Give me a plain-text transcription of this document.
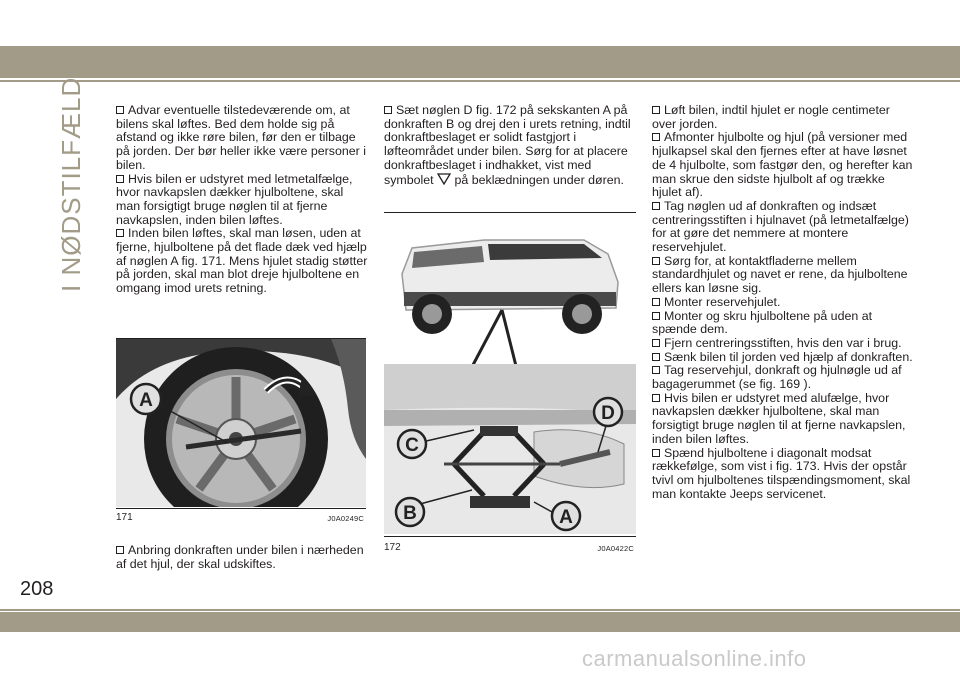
I NØDSTILFÆLDE
208

Advar eventuelle tilstedeværende om, at bilens skal løftes. Bed dem holde sig på afstand og ikke røre bilen, før den er tilbage på jorden. Der bør heller ikke være personer i bilen.

Hvis bilen er udstyret med letmetalfælge, hvor navkapslen dækker hjulboltene, skal man forsigtigt bruge nøglen til at fjerne navkapslen, inden bilen løftes.

Inden bilen løftes, skal man løsen, uden at fjerne, hjulboltene på det flade dæk ved hjælp af nøglen A fig. 171. Mens hjulet stadig støtter på jorden, skal man blot dreje hjulboltene en omgang imod urets retning.

A
171	J0A0249C

Anbring donkraften under bilen i nærheden af det hjul, der skal udskiftes.

Sæt nøglen D fig. 172 på sekskanten A på donkraften B og drej den i urets retning, indtil donkraftbeslaget er solidt fastgjort i løfteområdet under bilen. Sørg for at placere donkraftbeslaget i indhakket, vist med symbolet på beklædningen under døren.

C
D
B	A
172	J0A0422C

Løft bilen, indtil hjulet er nogle centimeter over jorden.

Afmonter hjulbolte og hjul (på versioner med hjulkapsel skal den fjernes efter at have løsnet de 4 hjulbolte, som fastgør den, og herefter kan man skrue den sidste hjulbolt af og trække hjulet af).

Tag nøglen ud af donkraften og indsæt centreringsstiften i hjulnavet (på letmetalfælge) for at gøre det nemmere at montere reservehjulet.

Sørg for, at kontaktfladerne mellem standardhjulet og navet er rene, da hjulboltene ellers kan løsne sig.

Monter reservehjulet.

Monter og skru hjulboltene på uden at spænde dem.

Fjern centreringsstiften, hvis den var i brug.

Sænk bilen til jorden ved hjælp af donkraften.

Tag reservehjul, donkraft og hjulnøgle ud af bagagerummet (se fig. 169 ).

Hvis bilen er udstyret med alufælge, hvor navkapslen dækker hjulboltene, skal man forsigtigt bruge nøglen til at fjerne navkapslen, inden bilen løftes.

Spænd hjulboltene i diagonalt modsat rækkefølge, som vist i fig. 173. Hvis der opstår tvivl om hjulboltenes tilspændingsmoment, skal man kontakte Jeeps servicenet.

carmanualsonline.info
